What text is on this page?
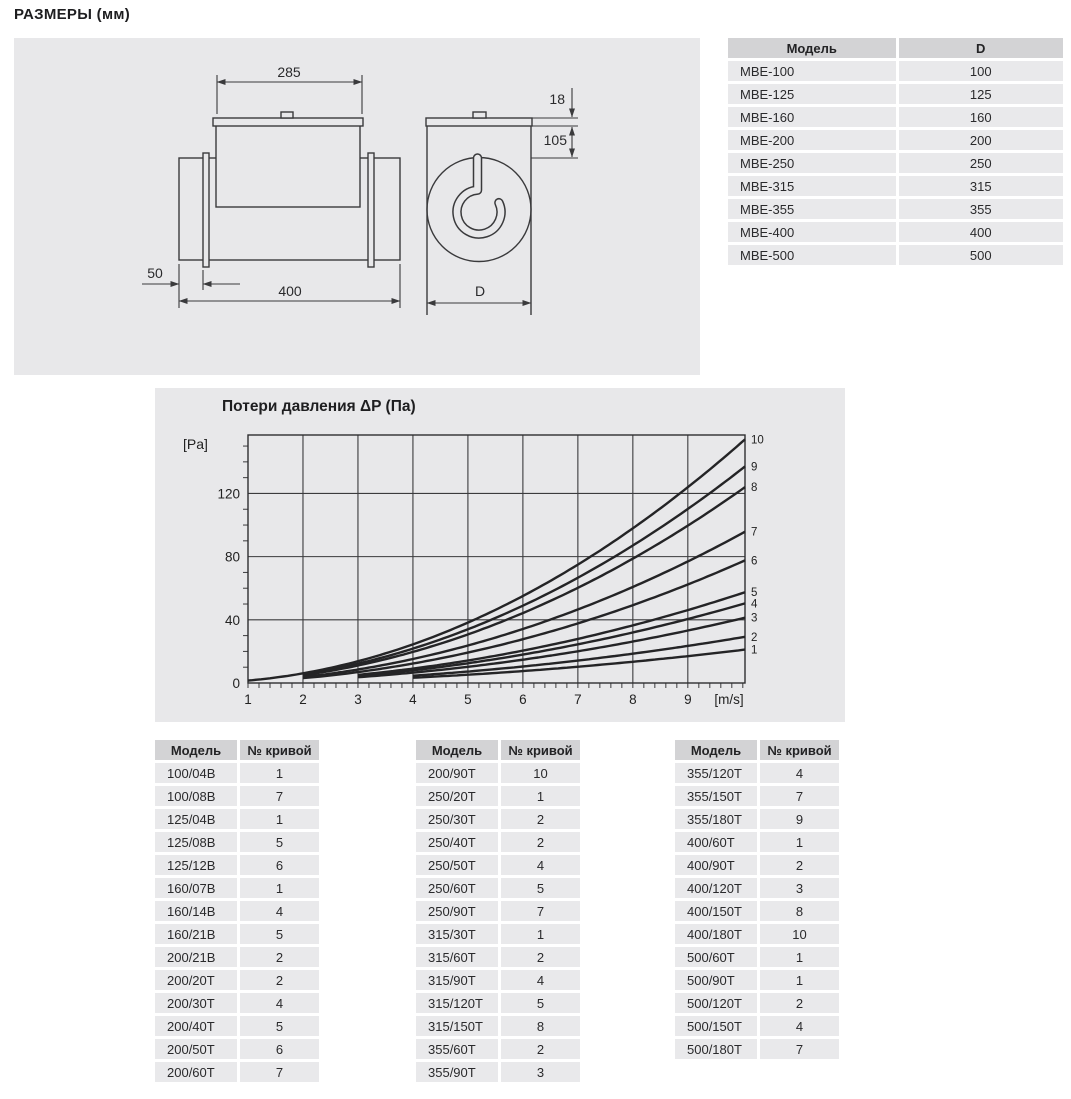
РАЗМЕРЫ (мм)
285
50
400
18
105
D
Модель	D
MBE-100	100
MBE-125	125
MBE-160	160
MBE-200	200
MBE-250	250
MBE-315	315
MBE-355	355
MBE-400	400
MBE-500	500
1
2
3
4
5
6
7
8
9
10
1	2	3	4	5	6	7	8	9
0
40
80
120
[m/s]
[Pa]
Потери давления ΔP (Па)
Модель	№ кривой
100/04B	1
100/08B	7
125/04B	1
125/08B	5
125/12B	6
160/07B	1
160/14B	4
160/21B	5
200/21B	2
200/20T	2
200/30T	4
200/40T	5
200/50T	6
200/60T	7
Модель	№ кривой
200/90T	10
250/20T	1
250/30T	2
250/40T	2
250/50T	4
250/60T	5
250/90T	7
315/30T	1
315/60T	2
315/90T	4
315/120T	5
315/150T	8
355/60T	2
355/90T	3
Модель	№ кривой
355/120T	4
355/150T	7
355/180T	9
400/60T	1
400/90T	2
400/120T	3
400/150T	8
400/180T	10
500/60T	1
500/90T	1
500/120T	2
500/150T	4
500/180T	7
